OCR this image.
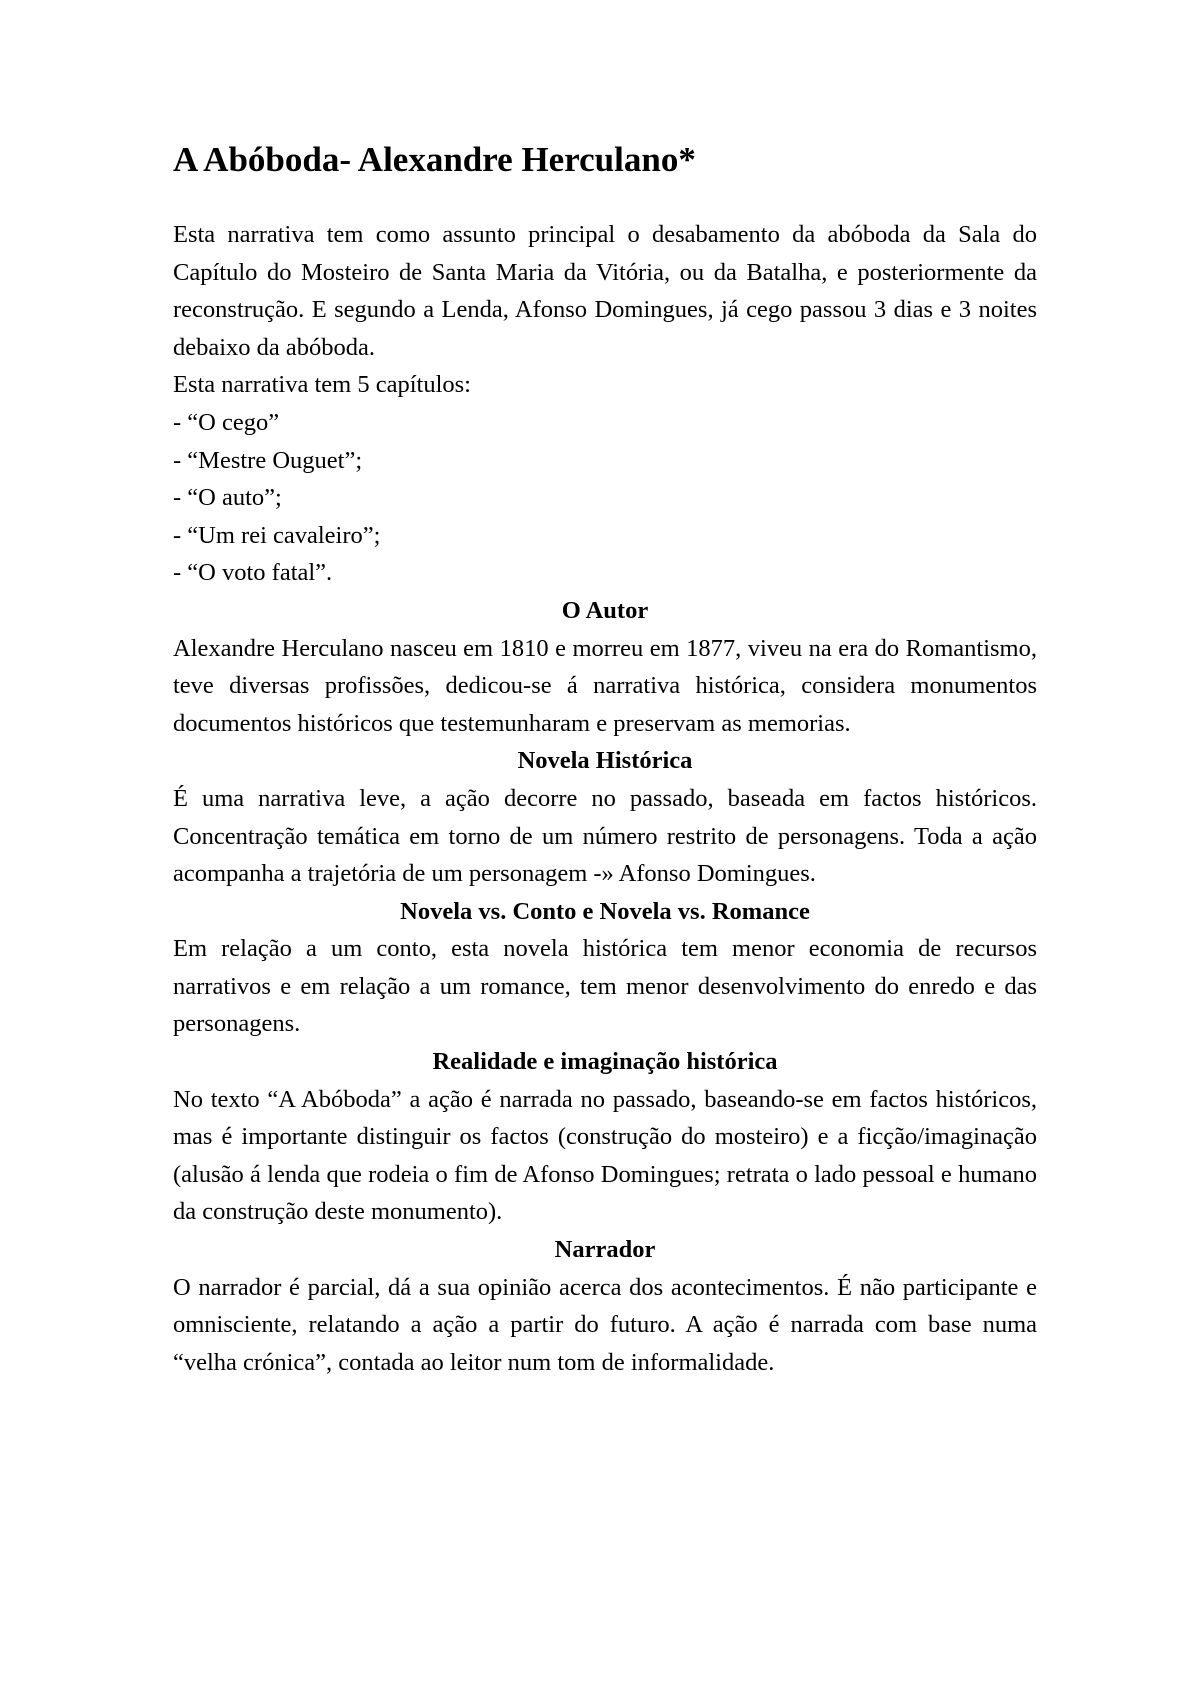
A Abóboda- Alexandre Herculano*

Esta narrativa tem como assunto principal o desabamento da abóboda da Sala do Capítulo do Mosteiro de Santa Maria da Vitória, ou da Batalha, e posteriormente da reconstrução. E segundo a Lenda, Afonso Domingues, já cego passou 3 dias e 3 noites debaixo da abóboda.

Esta narrativa tem 5 capítulos:

- “O cego”
- “Mestre Ouguet”;
- “O auto”;
- “Um rei cavaleiro”;
- “O voto fatal”.
O Autor

Alexandre Herculano nasceu em 1810 e morreu em 1877, viveu na era do Romantismo, teve diversas profissões, dedicou-se á narrativa histórica, considera monumentos documentos históricos que testemunharam e preservam as memorias.

Novela Histórica

É uma narrativa leve, a ação decorre no passado, baseada em factos históricos. Concentração temática em torno de um número restrito de personagens. Toda a ação acompanha a trajetória de um personagem -» Afonso Domingues.

Novela vs. Conto e Novela vs. Romance

Em relação a um conto, esta novela histórica tem menor economia de recursos narrativos e em relação a um romance, tem menor desenvolvimento do enredo e das personagens.

Realidade e imaginação histórica

No texto “A Abóboda” a ação é narrada no passado, baseando-se em factos históricos, mas é importante distinguir os factos (construção do mosteiro) e a ficção/imaginação (alusão á lenda que rodeia o fim de Afonso Domingues; retrata o lado pessoal e humano da construção deste monumento).

Narrador

O narrador é parcial, dá a sua opinião acerca dos acontecimentos. É não participante e omnisciente, relatando a ação a partir do futuro. A ação é narrada com base numa “velha crónica”, contada ao leitor num tom de informalidade.
